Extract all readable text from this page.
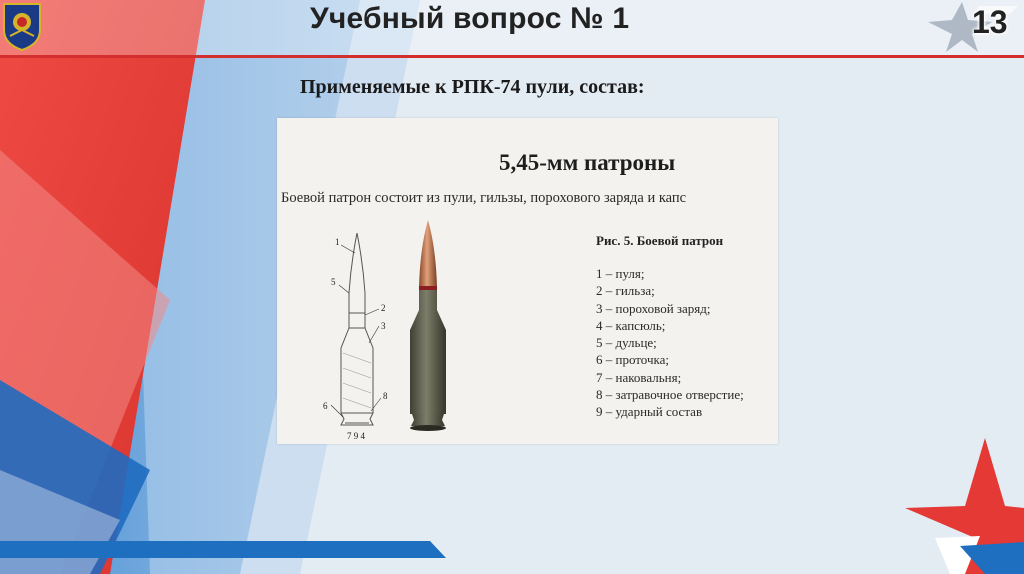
Учебный вопрос № 1	13
Применяемые к РПК-74 пули, состав:
5,45-мм патроны
Боевой патрон состоит из пули, гильзы, порохового заряда и капс
1
5
2
3
6
8
7 9 4
Рис. 5. Боевой патрон
1 – пуля;
2 – гильза;
3 – пороховой заряд;
4 – капсюль;
5 – дульце;
6 – проточка;
7 – наковальня;
8 – затравочное отверстие;
9 – ударный состав
